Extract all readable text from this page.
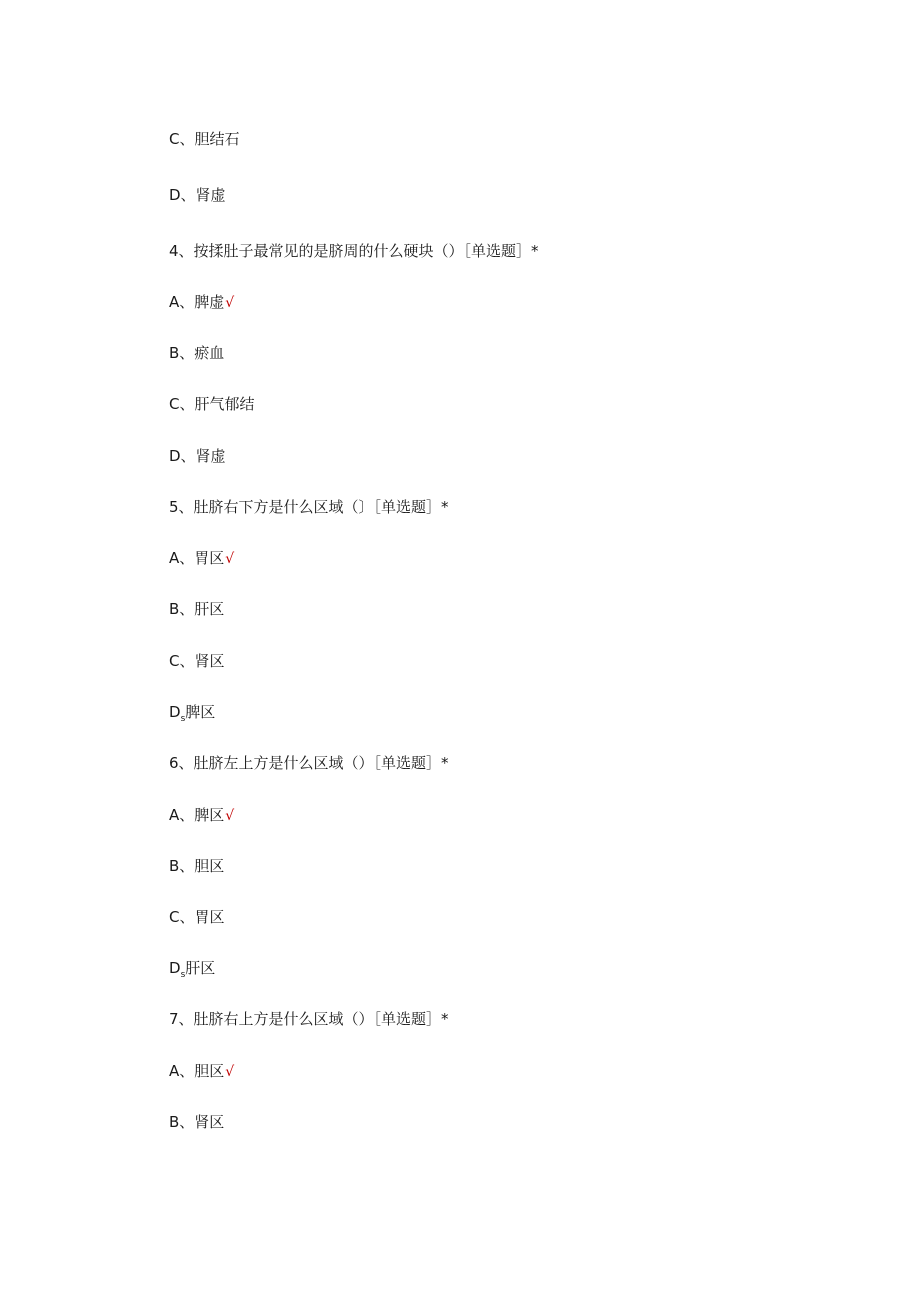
C、胆结石
D、肾虚
4、按揉肚子最常见的是脐周的什么硬块（）［单选题］*
A、脾虚√
B、瘀血
C、肝气郁结
D、肾虚
5、肚脐右下方是什么区域（〕［单选题］*
A、胃区√
B、肝区
C、肾区
$D_s$脾区
6、肚脐左上方是什么区域（）［单选题］*
A、脾区√
B、胆区
C、胃区
$D_s$肝区
7、肚脐右上方是什么区域（）［单选题］*
A、胆区√
B、肾区
